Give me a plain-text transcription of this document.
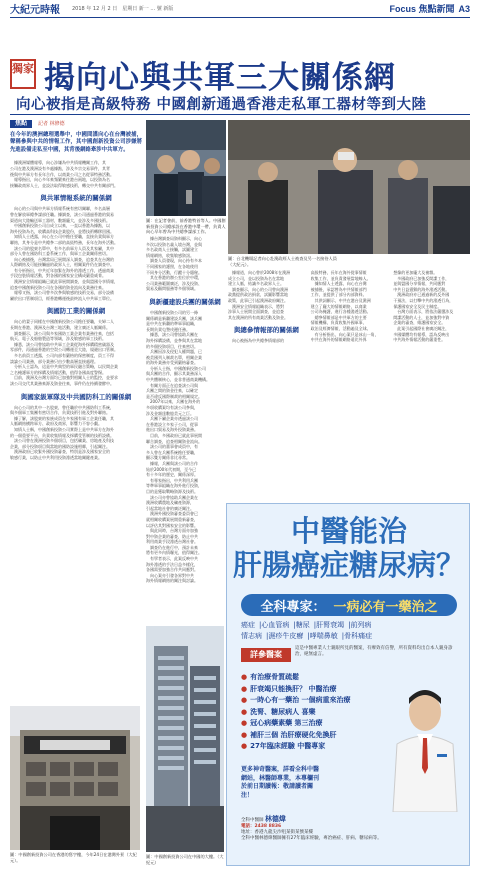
大紀元時報 2018 年 12 月 2 日　星期日 新一 ... 號 新版	Focus 焦點新聞 A3
獨家 揭向心與共軍三大關係網
向心被指是高級特務 中國創新通過香港走私軍工器材等到大陸
圖：在記者會前，前香港特首等人。中國創新投資公司總部設在香港中環一帶，負責人向心早年曾為中共總參謀部工作。
圖：台北機場記者向心赴澳政經人士被查及另一名接待人員（大紀元）。
焦點 記者 林修德
在今年的澳洲總理選舉中，中國間諜向心在台灣被捕，聲稱參與中共的情報工作，其中國創新投資公司涉嫌將先進設備走私至中國，其背後網絡牽涉中共軍方。
　據澳洲媒體報導，向心涉嫌為中共情報機關工作，其
公司在港及澳洲設有多處據點，涉及多宗交易事件，其背
後與中共軍方有長年合作，以商業公司之名從事特務活動。
　報導指出，向心多年來頻繁來往港台兩地，以投資為名
接觸政商界人士，並設法取得敏感技術，轉交中共有關部門。
與共軍情報系統的關係網
　向心的公司與中共軍方情報系統有密切關聯，多名高層
曾在解放軍總參謀部任職。據調查，該公司通過香港的貿易
渠道向大陸輸送軍工器材，數額龐大，並涉及多國技術。
　中國創新投資公司自成立以來，一直以香港為據點，以
海外投資為名，收購高科技企業股份，並將技術轉移回國。
　知情人士透露，向心在公司中擔任要職，直接負責與軍方
聯絡，其身分是中共總參二部的高級特務，長年在海外活動。
　該公司的股東名單中，有多名前軍方人員及其家屬，其中
部分人曾在國防科工委系統工作，與軍工企業關係密切。
　向心被捕後，台灣當局已展開深入調查，追查其在台灣的
人際網絡及可能接觸過的政界人士，相關案件仍在調查中。
　有分析指出，中共近年加緊在海外的滲透工作，透過商業
手段包裝情報活動，對各國的國家安全構成嚴重威脅。
　澳洲安全情報組織已就此事展開調查，並與盟國分享情報，
追查中國創新投資公司在各國的資金流向及業務往來。
　報導又指，該公司曾多次參與敏感的技術交易，部分設備
屬於出口管制項目，經香港轉運後最終流入中共軍工單位。
與國防工業的關係網
　向心的妻子同樣在中國創新投資公司擔任要職，夫婦二人
長期在香港、澳洲及台灣三地活動，建立廣泛人脈關係。
　調查顯示，該公司與多家國防工業企業有業務往來，包括
航天、電子及船舶製造等領域，涉及敏感的軍工技術。
　據悉，該公司曾協助中共軍工企業從海外採購精密儀器及
零部件，再通過香港的空殼公司轉運至大陸，規避出口管制。
　多名前員工透露，公司內部有嚴格的保密制度，員工不得
談論公司業務，部分業務只由少數高層直接處理。
　分析人士認為，這是中共典型的軍民融合策略，以民間企業
之名掩護軍方的採購及情報活動，值得各國高度警惕。
　目前，澳洲及台灣方面均已加強對相關人士的監控，並要求
該公司交代其業務來源及資金往來，事件仍在持續發酵中。
與國家級軍隊及中共國防科工的關係網
　向心公司的其中一名股東，曾任職於中共國防科工系統，
與多個軍工集團有密切合作，負責技術引進及對外聯絡。
　據了解，該股東的家族成員在多家國有軍工企業任職，其
人脈網絡橫跨軍方、政府及商界，影響力不容小覷。
　知情人士稱，中國創新投資公司實際上是中共軍方在海外
的一個重要平台，負責收集情報及採購受管制的技術設備。
　該公司曾在澳洲投資多個項目，包括礦業、房地產及科技
企業，部分投資項目與當地的國防設施相鄰，引起關注。
　澳洲政府已收緊外國投資審查，特別是涉及國家安全的
敏感行業，以防止中共利用投資滲透當地關鍵產業。
　據台灣調查局資料顯示，向心
多次以投資名義入境台灣，並與
多名政商人士接觸，試圖建立
情報網絡，收集敏感資訊。
　調查人員發現，向心持有多本
不同國家的護照，在各地使用
不同身分活動，行蹤十分隱秘。
　其在香港的辦公室位於中環，
公司業務範圍廣泛，涉及投資、
貿易及顧問服務等多個領域。
與新疆建設兵團的關係網
　中國創新投資公司的另一條
關係網是新疆建設兵團，該兵團
是中共在新疆的準軍事組織，
長期負責屯墾戍邊任務。
　據悉，該公司曾協助兵團在
海外採購設備，並參與其在當地
的多個投資項目，往來密切。
　兵團因涉及侵犯人權問題，已
被美國列入制裁名單，相關企業
的海外業務亦受到嚴格審查。
　分析人士指，中國創新投資公司
與兵團的合作，顯示其業務深入
中共體制核心，並非普通商業機構。
　有關方面正在追查該公司與
兵團之間的資金往來，以確定
是否違反國際制裁的相關規定。
　2007年以來，兵團在海外的
多項收購案均有該公司參與，
涉及金額達數億美元之巨。
　兵團下屬企業亦透過該公司
在香港設立多家子公司，從事
進出口貿易及海外投資業務。
　目前，多國政府已就此事展開
聯合調查，追查相關資金流向。
　該公司的董事會成員中，有
多人曾在兵團系統擔任要職，
顯示雙方關係非比尋常。
　據報，兵團與該公司的合作
始於2000年代初期，至今已
有十多年的歷史，關係深厚。
　有專家指出，中共利用兵團
等準軍事組織在海外進行投資，
目的是獲取戰略資源及技術。
　該公司亦曾協助兵團企業在
澳洲收購農地及礦產資源，
引起當地社會的廣泛關注。
　澳洲外國投資審查委員會已
就相關收購案展開重新審查，
以評估其對國家安全的影響。
　與此同時，台灣方面亦加強
對中資企業的審查，防止中共
利用商業手段滲透台灣社會。
　調查仍在進行中，預計未來
將有更多內情曝光，值得關注。
　有學者表示，此案反映中共
海外滲透的手法日益多樣化，
各國需要加強合作共同應對。
　向心案亦引發各界對中共
海外情報網絡的關注與討論。
　據報道，向心曾於2008年在澳洲
成立公司，並以投資為名在當地
建立人脈，結識多名政界人士。
　調查顯示，向心的公司曾向澳洲
政黨提供政治捐款，試圖影響當地
政策，此事已引起澳洲政府關注。
　澳洲安全情報組織表示，將對
涉事人士展開全面調查，並追查
其在澳洲的所有商業活動及資金。
與總參情報部的關係網
　向心被指為中共總參情報部的
高級特務，長年在海外從事情報
收集工作，並負責發展當地線人。
　據知情人士透露，向心在台灣
被捕後，承認曾為中共情報部門
工作，並提供了部分內部資料。
　其供詞顯示，中共在港台及澳洲
建立了龐大的情報網絡，以商業
公司為掩護，進行各種滲透活動。
　總參情報部是中共軍方的主要
情報機構，負責收集外國軍事、
政治及經濟情報，活動遍及全球。
　有分析指出，向心案只是冰山一角，
中共在海外的情報網絡遠比外界
想像的更加龐大及複雜。
　多國政府已加強反間諜工作，
並與盟國分享情報，共同應對
中共日益猖獗的海外滲透活動。
　澳洲政府亦已通過新的反外國
干預法，以打擊中共的滲透行為，
保護國家安全及民主制度。
　台灣方面表示，將依法嚴懲涉及
間諜活動的人士，並加強對中資
企業的審查，維護國家安全。
　此案引起國際社會廣泛關注，
多國媒體均有報導，認為反映出
中共海外情報活動的嚴重性。
圖：中國創新投資公司在香港的寫字樓，今年24日在港灣外景（大紀元）。
圖：中國創新投資公司在中國的大樓。（大紀元）
中醫能治
肝腸癌症糖尿病？
全科專家： 一病必有一藥治之
癌症 | 心血管病 | 糖尿 | 肝腎衰竭 | 前列病
情志病 | 濕疹牛皮癬 | 哮喘鼻敏 | 骨科痛症
詳參醫案
這是中醫專業人士親眼所見的醫案，有療效有信譽，所有資料均出自本人親身診治，絕無虛言。
● 有治療骨質疏鬆
● 肝衰竭只能換肝？ 中醫治療
● 一時心有一藥治 一個病重來治療
● 洗腎、糖尿病人 喜樂
● 冠心病藥素藥 第三治療
● 補肝三個 治肝療硬化免換肝
● 27年臨床經驗 中醫專家
更多神奇醫案，詳看全科中醫網站，林醫師專業，本專欄刊於前日期讀報：敬請讀者關注！
全科中醫師 林德煒
電話：2438 8836
地址：香港九龍尖沙咀某街某號某樓
全科中醫林德煒醫師擁有27年臨床經驗，專治癌症、肝病、糖尿病等。
